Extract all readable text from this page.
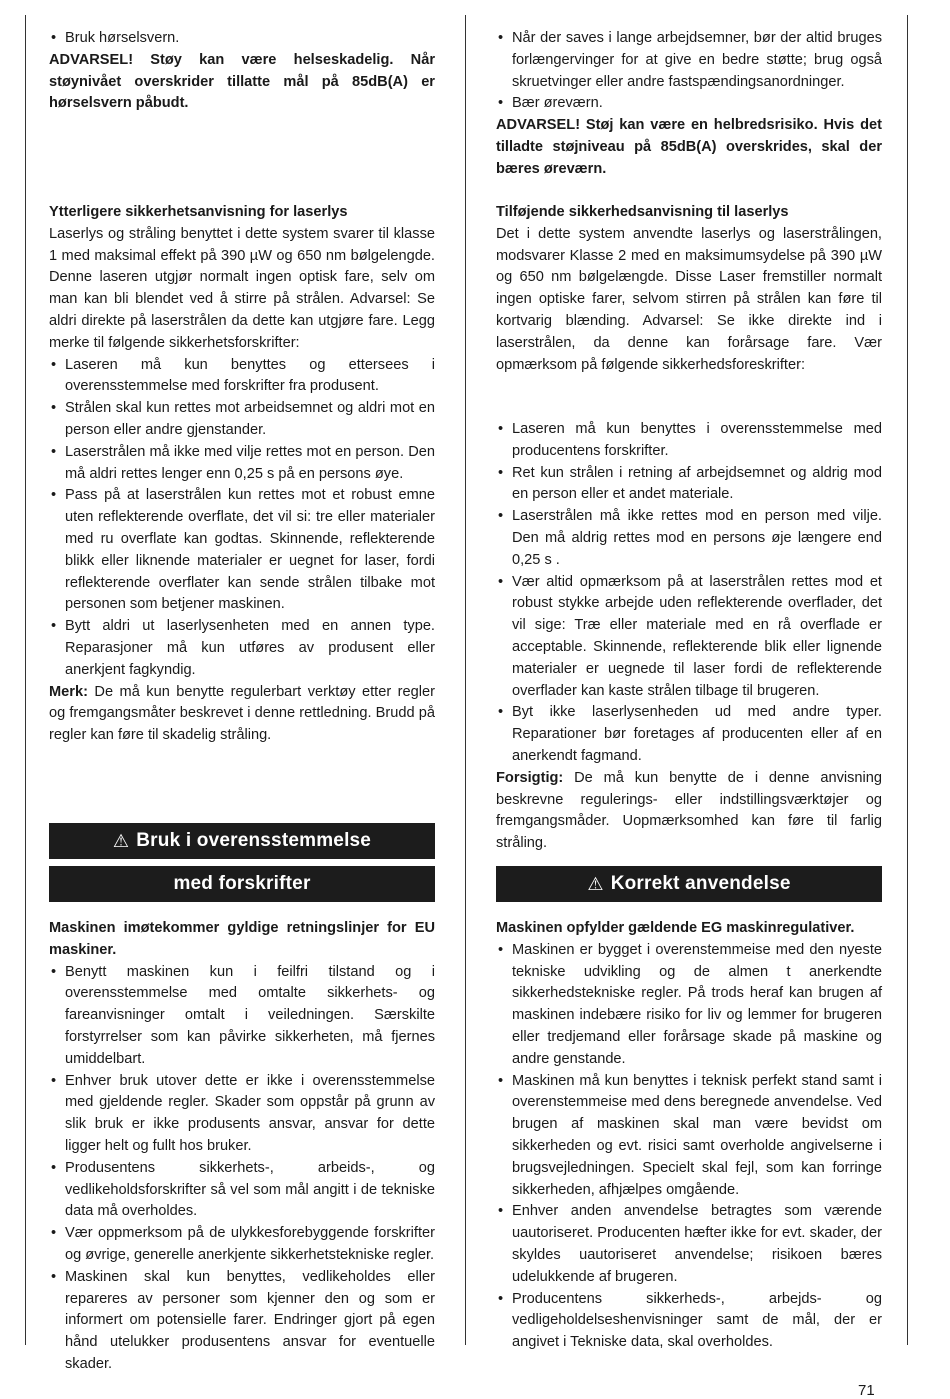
• Bruk hørselsvern.

ADVARSEL! Støy kan være helseskadelig. Når støynivået overskrider tillatte mål på 85dB(A) er hørselsvern påbudt.

Ytterligere sikkerhetsanvisning for laserlys

Laserlys og stråling benyttet i dette system svarer til klasse 1 med maksimal effekt på 390 µW og 650 nm bølgelengde. Denne laseren utgjør normalt ingen optisk fare, selv om man kan bli blendet ved å stirre på strålen. Advarsel: Se aldri direkte på laserstrålen da dette kan utgjøre fare. Legg merke til følgende sikkerhetsforskrifter:

• Laseren må kun benyttes og ettersees i overensstemmelse med forskrifter fra produsent.
• Strålen skal kun rettes mot arbeidsemnet og aldri mot en person eller andre gjenstander.
• Laserstrålen må ikke med vilje rettes mot en person. Den må aldri rettes lenger enn 0,25 s på en persons øye.
• Pass på at laserstrålen kun rettes mot et robust emne uten reflekterende overflate, det vil si: tre eller materialer med ru overflate kan godtas. Skinnende, reflekterende blikk eller liknende materialer er uegnet for laser, fordi reflekterende overflater kan sende strålen tilbake mot personen som betjener maskinen.
• Bytt aldri ut laserlysenheten med en annen type. Reparasjoner må kun utføres av produsent eller anerkjent fagkyndig.

Merk: De må kun benytte regulerbart verktøy etter regler og fremgangsmåter beskrevet i denne rettledning. Brudd på regler kan føre til skadelig stråling.

⚠ Bruk i overensstemmelse
med forskrifter

Maskinen imøtekommer gyldige retningslinjer for EU maskiner.

• Benytt maskinen kun i feilfri tilstand og i overensstemmelse med omtalte sikkerhets- og fareanvisninger omtalt i veiledningen. Særskilte forstyrrelser som kan påvirke sikkerheten, må fjernes umiddelbart.
• Enhver bruk utover dette er ikke i overensstemmelse med gjeldende regler. Skader som oppstår på grunn av slik bruk er ikke produsents ansvar, ansvar for dette ligger helt og fullt hos bruker.
• Produsentens sikkerhets-, arbeids-, og vedlikeholdsforskrifter så vel som mål angitt i de tekniske data må overholdes.
• Vær oppmerksom på de ulykkesforebyggende forskrifter og øvrige, generelle anerkjente sikkerhetstekniske regler.
• Maskinen skal kun benyttes, vedlikeholdes eller repareres av personer som kjenner den og som er informert om potensielle farer. Endringer gjort på egen hånd utelukker produsentens ansvar for eventuelle skader.
• Når der saves i lange arbejdsemner, bør der altid bruges forlængervinger for at give en bedre støtte; brug også skruetvinger eller andre fastspændingsanordninger.
• Bær øreværn.

ADVARSEL! Støj kan være en helbredsrisiko. Hvis det tilladte støjniveau på 85dB(A) overskrides, skal der bæres øreværn.

Tilføjende sikkerhedsanvisning til laserlys

Det i dette system anvendte laserlys og laserstrålingen, modsvarer Klasse 2 med en maksimumsydelse på 390 µW og 650 nm bølgelængde. Disse Laser fremstiller normalt ingen optiske farer, selvom stirren på strålen kan føre til kortvarig blænding. Advarsel: Se ikke direkte ind i laserstrålen, da denne kan forårsage fare. Vær opmærksom på følgende sikkerhedsforeskrifter:

• Laseren må kun benyttes i overensstemmelse med producentens forskrifter.
• Ret kun strålen i retning af arbejdsemnet og aldrig mod en person eller et andet materiale.
• Laserstrålen må ikke rettes mod en person med vilje. Den må aldrig rettes mod en persons øje længere end 0,25 s .
• Vær altid opmærksom på at laserstrålen rettes mod et robust stykke arbejde uden reflekterende overflader, det vil sige: Træ eller materiale med en rå overflade er acceptable. Skinnende, reflekterende blik eller lignende materialer er uegnede til laser fordi de reflekterende overflader kan kaste strålen tilbage til brugeren.
• Byt ikke laserlysenheden ud med andre typer. Reparationer bør foretages af producenten eller af en anerkendt fagmand.

Forsigtig: De må kun benytte de i denne anvisning beskrevne regulerings- eller indstillingsværktøjer og fremgangsmåder. Uopmærksomhed kan føre til farlig stråling.

⚠ Korrekt anvendelse

Maskinen opfylder gældende EG maskinregulativer.

• Maskinen er bygget i overenstemmeise med den nyeste tekniske udvikling og de almen t anerkendte sikkerhedstekniske regler. På trods heraf kan brugen af maskinen indebære risiko for liv og lemmer for brugeren eller tredjemand eller forårsage skade på maskine og andre genstande.
• Maskinen må kun benyttes i teknisk perfekt stand samt i overenstemmeise med dens beregnede anvendelse. Ved brugen af maskinen skal man være bevidst om sikkerheden og evt. risici samt overholde angivelserne i brugsvejledningen. Specielt skal fejl, som kan forringe sikkerheden, afhjælpes omgående.
• Enhver anden anvendelse betragtes som værende uautoriseret. Producenten hæfter ikke for evt. skader, der skyldes uautoriseret anvendelse; risikoen bæres udelukkende af brugeren.
• Producentens sikkerheds-, arbejds- og vedligeholdelseshenvisninger samt de mål, der er angivet i Tekniske data, skal overholdes.
71
